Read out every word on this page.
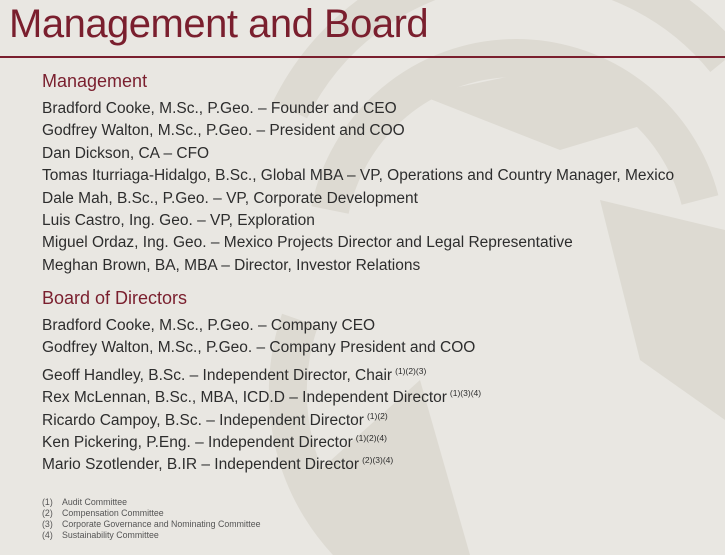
Management and Board
Management
Bradford Cooke, M.Sc., P.Geo. – Founder and CEO
Godfrey Walton, M.Sc., P.Geo. – President and COO
Dan Dickson, CA – CFO
Tomas Iturriaga-Hidalgo, B.Sc., Global MBA – VP, Operations and Country Manager, Mexico
Dale Mah, B.Sc., P.Geo. – VP, Corporate Development
Luis Castro, Ing. Geo. – VP, Exploration
Miguel Ordaz, Ing. Geo. – Mexico Projects Director and Legal Representative
Meghan Brown, BA, MBA – Director, Investor Relations
Board of Directors
Bradford Cooke, M.Sc., P.Geo. – Company CEO
Godfrey Walton, M.Sc., P.Geo. – Company President and COO
Geoff Handley, B.Sc. – Independent Director, Chair $^{(1)(2)(3)}$
Rex McLennan, B.Sc., MBA, ICD.D – Independent Director $^{(1)(3)(4)}$
Ricardo Campoy, B.Sc. – Independent Director $^{(1)(2)}$
Ken Pickering, P.Eng. – Independent Director $^{(1)(2)(4)}$
Mario Szotlender, B.IR – Independent Director $^{(2)(3)(4)}$
(1) Audit Committee
(2) Compensation Committee
(3) Corporate Governance and Nominating Committee
(4) Sustainability Committee
